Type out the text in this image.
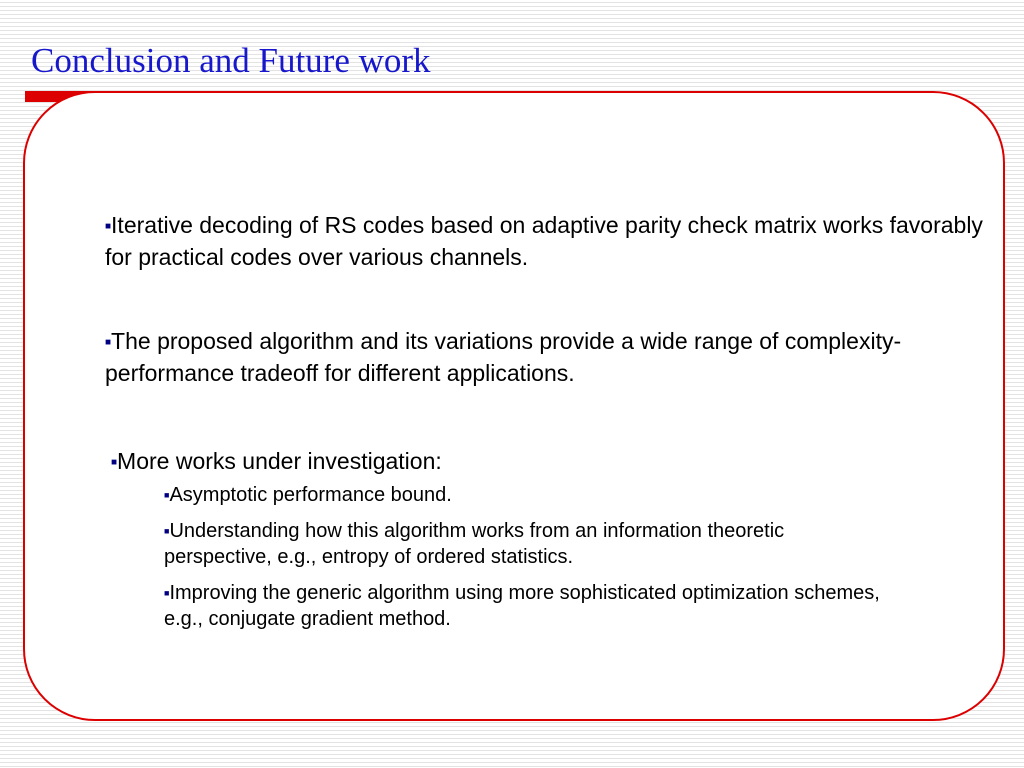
Conclusion and Future work
■Iterative decoding of RS codes based on adaptive parity check matrix works favorably for practical codes over various channels.
■The proposed algorithm and its variations provide a wide range of complexity-performance tradeoff for different applications.
■More works under investigation:
■Asymptotic performance bound.
■Understanding how this algorithm works from an information theoretic perspective, e.g., entropy of ordered statistics.
■Improving the generic algorithm using more sophisticated optimization schemes, e.g., conjugate gradient method.
